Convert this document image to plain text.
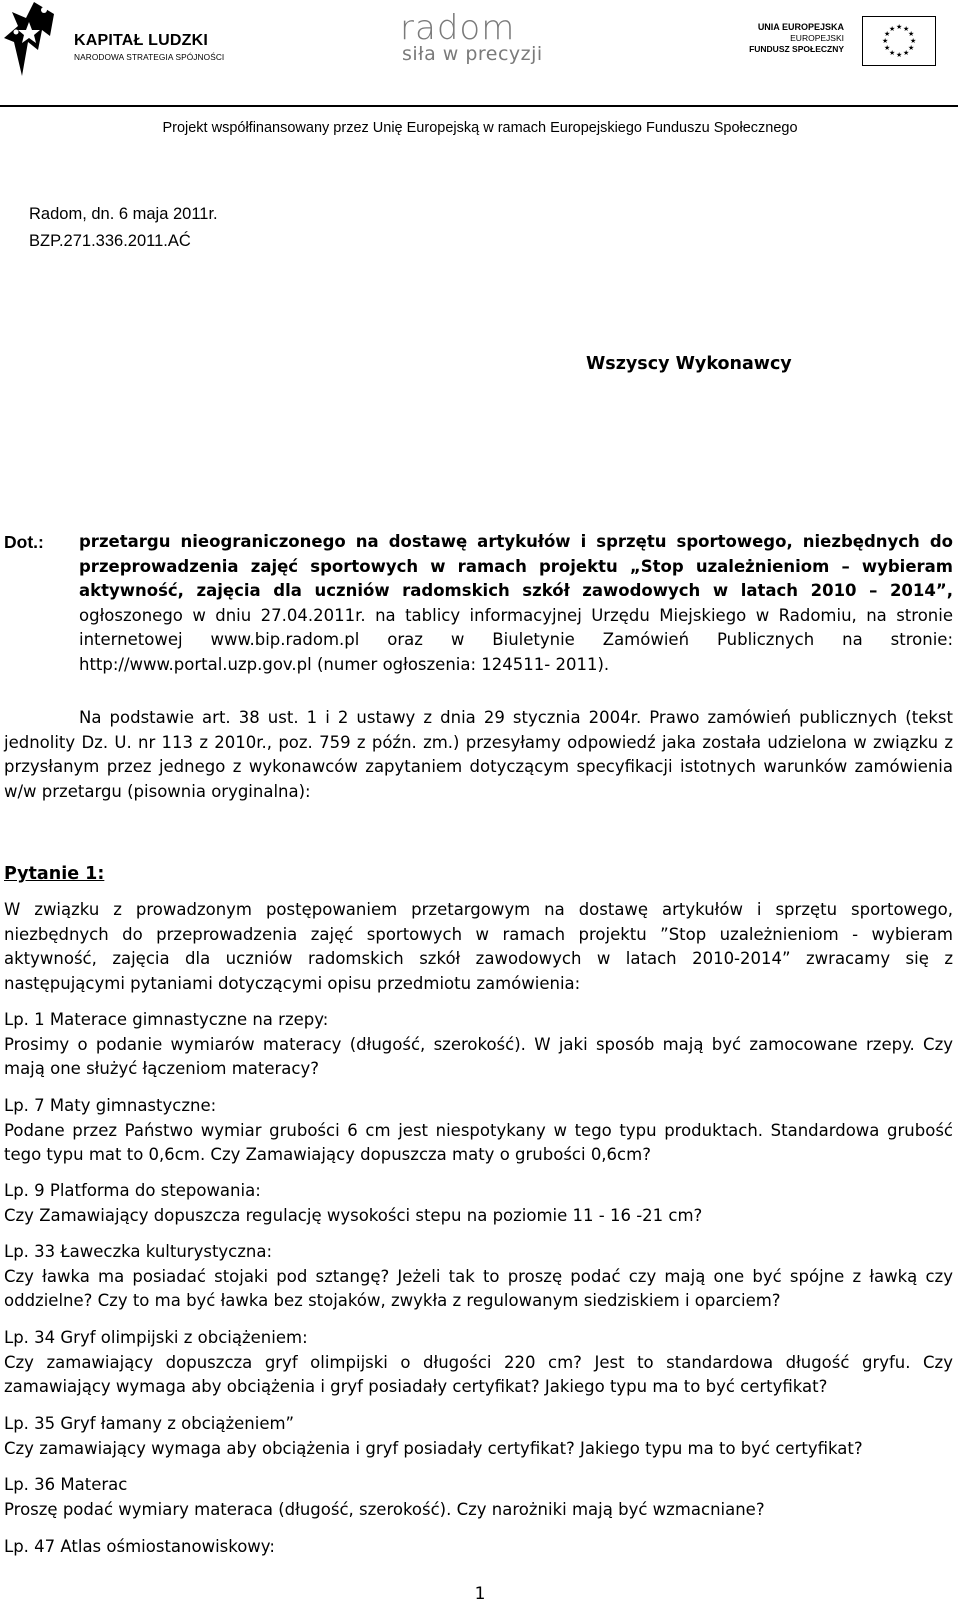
KAPITAŁ LUDZKI
NARODOWA STRATEGIA SPÓJNOŚCI
radom
siła w precyzji
UNIA EUROPEJSKA
EUROPEJSKI
FUNDUSZ SPOŁECZNY
★ ★
★
★
★
★
★
★
★
★
★
★
Projekt współfinansowany przez Unię Europejską w ramach Europejskiego Funduszu Społecznego
Radom, dn. 6 maja 2011r.
BZP.271.336.2011.AĆ
Wszyscy Wykonawcy
Dot.: przetargu nieograniczonego na dostawę artykułów i sprzętu sportowego, niezbędnych do przeprowadzenia zajęć sportowych w ramach projektu „Stop uzależnieniom – wybieram aktywność, zajęcia dla uczniów radomskich szkół zawodowych w latach 2010 – 2014”, ogłoszonego w dniu 27.04.2011r. na tablicy informacyjnej Urzędu Miejskiego w Radomiu, na stronie internetowej www.bip.radom.pl oraz w Biuletynie Zamówień Publicznych na stronie: http://www.portal.uzp.gov.pl (numer ogłoszenia: 124511- 2011).
Na podstawie art. 38 ust. 1 i 2 ustawy z dnia 29 stycznia 2004r. Prawo zamówień publicznych (tekst jednolity Dz. U. nr 113 z 2010r., poz. 759 z późn. zm.) przesyłamy odpowiedź jaka została udzielona w związku z przysłanym przez jednego z wykonawców zapytaniem dotyczącym specyfikacji istotnych warunków zamówienia w/w przetargu (pisownia oryginalna):
Pytanie 1:
W związku z prowadzonym postępowaniem przetargowym na dostawę artykułów i sprzętu sportowego, niezbędnych do przeprowadzenia zajęć sportowych w ramach projektu ”Stop uzależnieniom - wybieram aktywność, zajęcia dla uczniów radomskich szkół zawodowych w latach 2010-2014” zwracamy się z następującymi pytaniami dotyczącymi opisu przedmiotu zamówienia:
Lp. 1 Materace gimnastyczne na rzepy:
Prosimy o podanie wymiarów materacy (długość, szerokość). W jaki sposób mają być zamocowane rzepy. Czy mają one służyć łączeniom materacy?
Lp. 7 Maty gimnastyczne:
Podane przez Państwo wymiar grubości 6 cm jest niespotykany w tego typu produktach. Standardowa grubość tego typu mat to 0,6cm. Czy Zamawiający dopuszcza maty o grubości 0,6cm?
Lp. 9 Platforma do stepowania:
Czy Zamawiający dopuszcza regulację wysokości stepu na poziomie 11 - 16 -21 cm?
Lp. 33 Ławeczka kulturystyczna:
Czy ławka ma posiadać stojaki pod sztangę? Jeżeli tak to proszę podać czy mają one być spójne z ławką czy oddzielne? Czy to ma być ławka bez stojaków, zwykła z regulowanym siedziskiem i oparciem?
Lp. 34 Gryf olimpijski z obciążeniem:
Czy zamawiający dopuszcza gryf olimpijski o długości 220 cm? Jest to standardowa długość gryfu. Czy zamawiający wymaga aby obciążenia i gryf posiadały certyfikat? Jakiego typu ma to być certyfikat?
Lp. 35 Gryf łamany z obciążeniem”
Czy zamawiający wymaga aby obciążenia i gryf posiadały certyfikat? Jakiego typu ma to być certyfikat?
Lp. 36 Materac
Proszę podać wymiary materaca (długość, szerokość). Czy narożniki mają być wzmacniane?
Lp. 47 Atlas ośmiostanowiskowy:
1
